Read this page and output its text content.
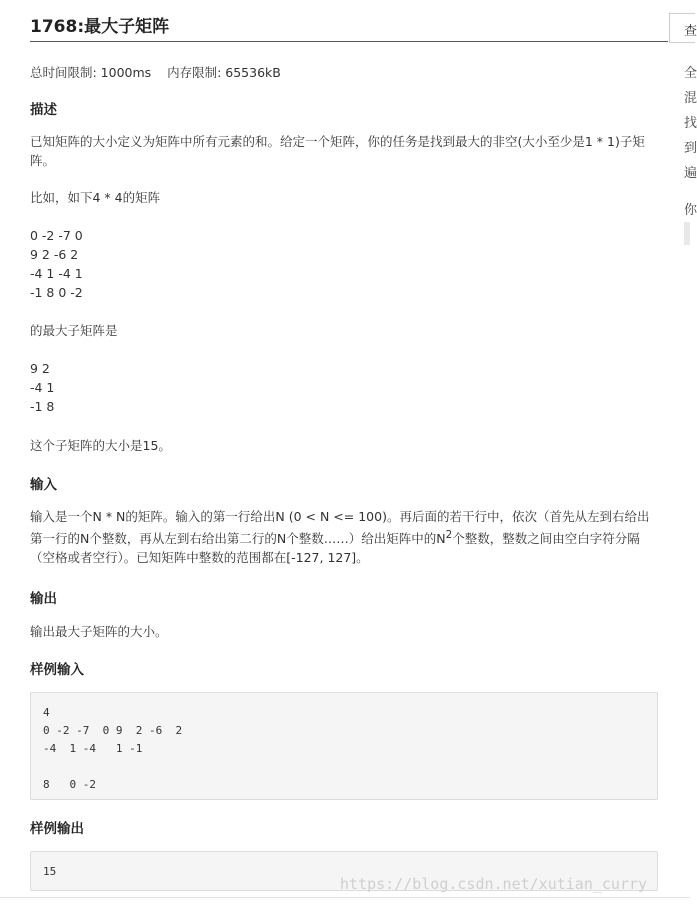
1768:最大子矩阵
总时间限制: 1000ms    内存限制: 65536kB
描述

已知矩阵的大小定义为矩阵中所有元素的和。给定一个矩阵，你的任务是找到最大的非空(大小至少是1 * 1)子矩阵。

比如，如下4 * 4的矩阵

0 -2 -7 0
9 2 -6 2
-4 1 -4 1
-1 8 0 -2

的最大子矩阵是

9 2
-4 1
-1 8

这个子矩阵的大小是15。

输入

输入是一个N * N的矩阵。输入的第一行给出N (0 < N <= 100)。再后面的若干行中，依次（首先从左到右给出第一行的N个整数，再从左到右给出第二行的N个整数……）给出矩阵中的$N^2$个整数，整数之间由空白字符分隔（空格或者空行）。已知矩阵中整数的范围都在[-127, 127]。

输出

输出最大子矩阵的大小。

样例输入
4
0 -2 -7  0 9  2 -6  2
-4  1 -4   1 -1

8   0 -2
样例输出
15
查
全
混
找
到
遍
你
https://blog.csdn.net/xutian_curry
